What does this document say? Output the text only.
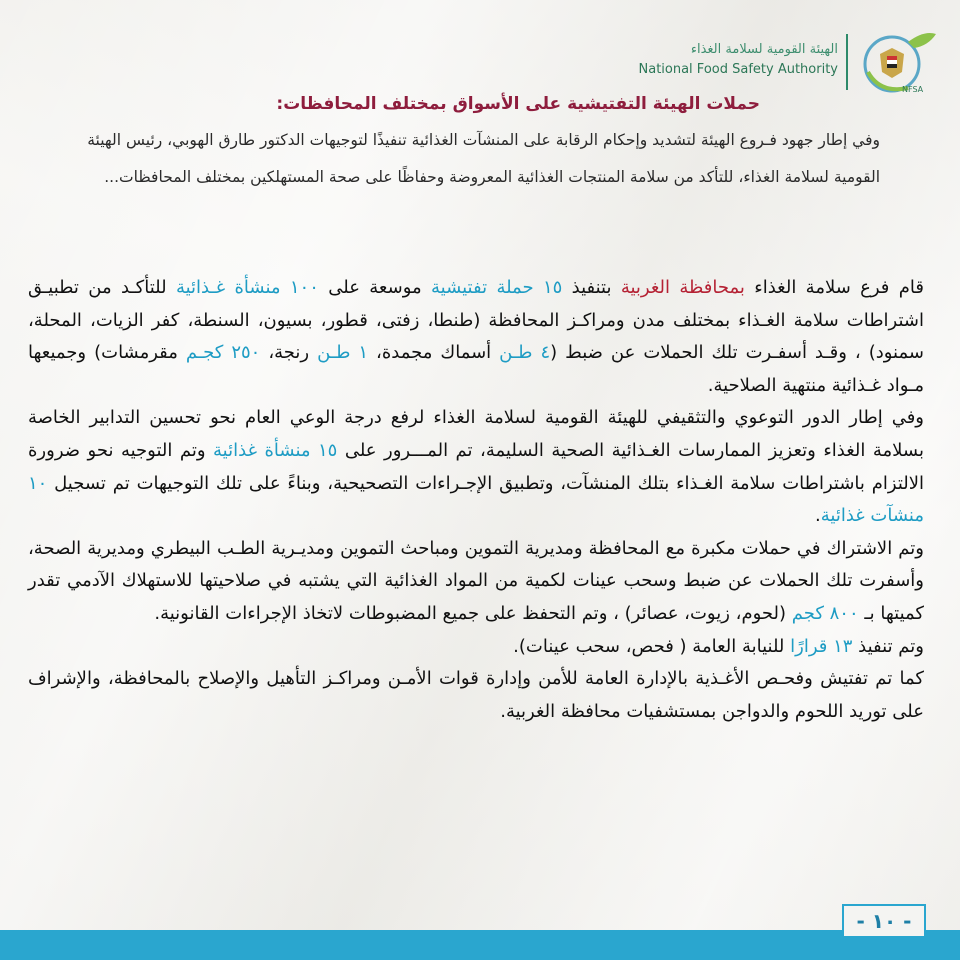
NFSA
الهيئة القومية لسلامة الغذاء
National Food Safety Authority

حملات الهيئة التفتيشية على الأسواق بمختلف المحافظات:

وفي إطار جهود فـروع الهيئة لتشديد وإحكام الرقابة على المنشآت الغذائية تنفيذًا لتوجيهات الدكتور طارق الهوبي، رئيس الهيئة القومية لسلامة الغذاء، للتأكد من سلامة المنتجات الغذائية المعروضة وحفاظًا على صحة المستهلكين بمختلف المحافظات...

قام فرع سلامة الغذاء بمحافظة الغربية بتنفيذ ١٥ حملة تفتيشية موسعة على ١٠٠ منشأة غـذائية للتأكـد من تطبيـق اشتراطات سلامة الغـذاء بمختلف مدن ومراكـز المحافظة (طنطا، زفتى، قطور، بسيون، السنطة، كفر الزيات، المحلة، سمنود) ، وقـد أسفـرت تلك الحملات عن ضبط (٤ طـن أسماك مجمدة، ١ طـن رنجة، ٢٥٠ كجـم مقرمشات) وجميعها مـواد غـذائية منتهية الصلاحية.

وفي إطار الدور التوعوي والتثقيفي للهيئة القومية لسلامة الغذاء لرفع درجة الوعي العام نحو تحسين التدابير الخاصة بسلامة الغذاء وتعزيز الممارسات الغـذائية الصحية السليمة، تم المـــرور على ١٥ منشأة غذائية وتم التوجيه نحو ضرورة الالتزام باشتراطات سلامة الغـذاء بتلك المنشآت، وتطبيق الإجـراءات التصحيحية، وبناءً على تلك التوجيهات تم تسجيل ١٠ منشآت غذائية.

وتم الاشتراك في حملات مكبرة مع المحافظة ومديرية التموين ومباحث التموين ومديـرية الطـب البيطري ومديرية الصحة، وأسفرت تلك الحملات عن ضبط وسحب عينات لكمية من المواد الغذائية التي يشتبه في صلاحيتها للاستهلاك الآدمي تقدر كميتها بـ ٨٠٠ كجم (لحوم، زيوت، عصائر) ، وتم التحفظ على جميع المضبوطات لاتخاذ الإجراءات القانونية.

وتم تنفيذ ١٣ قرارًا للنيابة العامة ( فحص، سحب عينات).

كما تم تفتيش وفحـص الأغـذية بالإدارة العامة للأمن وإدارة قوات الأمـن ومراكـز التأهيل والإصلاح بالمحافظة، والإشراف على توريد اللحوم والدواجن بمستشفيات محافظة الغربية.

- ١٠ -
